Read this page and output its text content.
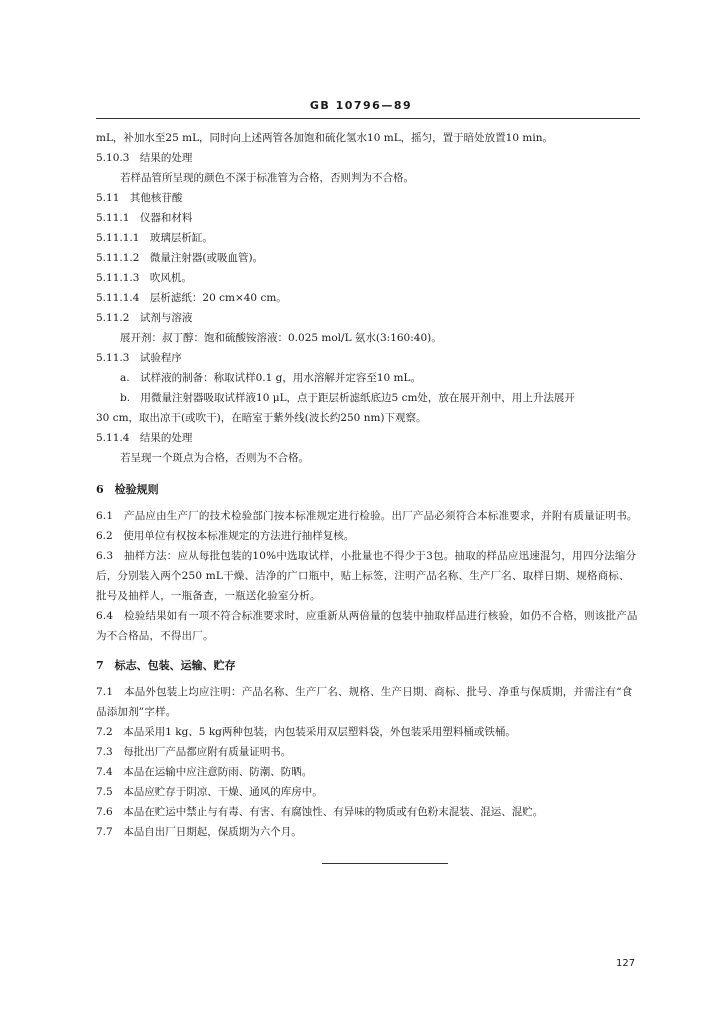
GB 10796—89
mL，补加水至25 mL，同时向上述两管各加饱和硫化氢水10 mL，摇匀，置于暗处放置10 min。
5.10.3　结果的处理
若样品管所呈现的颜色不深于标准管为合格，否则判为不合格。
5.11　其他核苷酸
5.11.1　仪器和材料
5.11.1.1　玻璃层析缸。
5.11.1.2　微量注射器(或吸血管)。
5.11.1.3　吹风机。
5.11.1.4　层析滤纸：20 cm×40 cm。
5.11.2　试剂与溶液
展开剂：叔丁醇：饱和硫酸铵溶液：0.025 mol/L 氨水(3:160:40)。
5.11.3　试验程序
a.　试样液的制备：称取试样0.1 g，用水溶解并定容至10 mL。
b.　用微量注射器吸取试样液10 μL，点于距层析滤纸底边5 cm处，放在展开剂中，用上升法展开
30 cm，取出凉干(或吹干)，在暗室于紫外线(波长约250 nm)下观察。
5.11.4　结果的处理
若呈现一个斑点为合格，否则为不合格。
6　检验规则
6.1　产品应由生产厂的技术检验部门按本标准规定进行检验。出厂产品必须符合本标准要求，并附有质量证明书。
6.2　使用单位有权按本标准规定的方法进行抽样复核。
6.3　抽样方法：应从每批包装的10%中选取试样，小批量也不得少于3包。抽取的样品应迅速混匀，用四分法缩分后，分别装入两个250 mL干燥、洁净的广口瓶中，贴上标签，注明产品名称、生产厂名、取样日期、规格商标、批号及抽样人，一瓶备查，一瓶送化验室分析。
6.4　检验结果如有一项不符合标准要求时，应重新从两倍量的包装中抽取样品进行核验，如仍不合格，则该批产品为不合格品，不得出厂。
7　标志、包装、运输、贮存
7.1　本品外包装上均应注明：产品名称、生产厂名、规格、生产日期、商标、批号、净重与保质期，并需注有“食品添加剂”字样。
7.2　本品采用1 kg、5 kg两种包装，内包装采用双层塑料袋，外包装采用塑料桶或铁桶。
7.3　每批出厂产品都应附有质量证明书。
7.4　本品在运输中应注意防雨、防潮、防晒。
7.5　本品应贮存于阴凉、干燥、通风的库房中。
7.6　本品在贮运中禁止与有毒、有害、有腐蚀性、有异味的物质或有色粉末混装、混运、混贮。
7.7　本品自出厂日期起，保质期为六个月。
127
